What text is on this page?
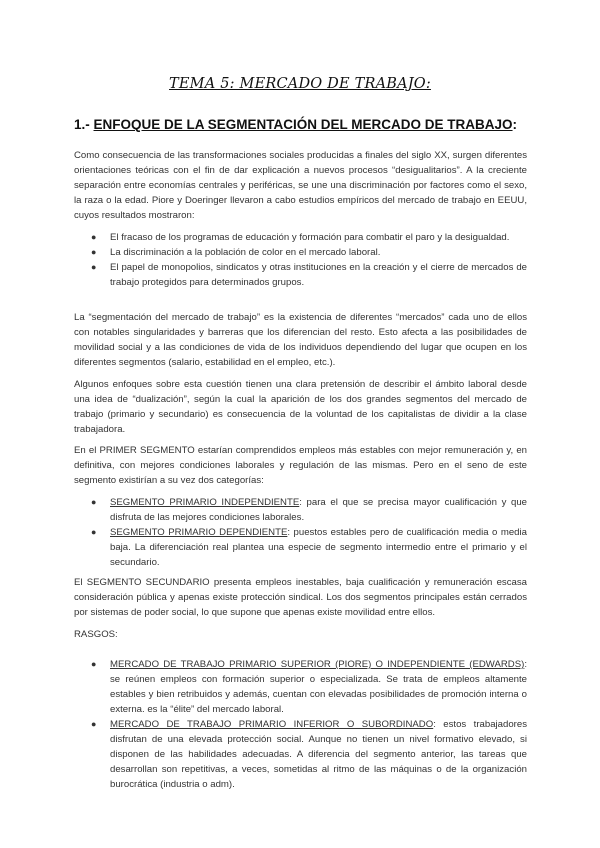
TEMA 5: MERCADO DE TRABAJO:
1.- ENFOQUE DE LA SEGMENTACIÓN DEL MERCADO DE TRABAJO:

Como consecuencia de las transformaciones sociales producidas a finales del siglo XX, surgen diferentes orientaciones teóricas con el fin de dar explicación a nuevos procesos “desigualitarios”. A la creciente separación entre economías centrales y periféricas, se une una discriminación por factores como el sexo, la raza o la edad. Piore y Doeringer llevaron a cabo estudios empíricos del mercado de trabajo en EEUU, cuyos resultados mostraron:

● El fracaso de los programas de educación y formación para combatir el paro y la desigualdad.
● La discriminación a la población de color en el mercado laboral.
● El papel de monopolios, sindicatos y otras instituciones en la creación y el cierre de mercados de trabajo protegidos para determinados grupos.

La “segmentación del mercado de trabajo” es la existencia de diferentes “mercados” cada uno de ellos con notables singularidades y barreras que los diferencian del resto. Esto afecta a las posibilidades de movilidad social y a las condiciones de vida de los individuos dependiendo del lugar que ocupen en los diferentes segmentos (salario, estabilidad en el empleo, etc.).

Algunos enfoques sobre esta cuestión tienen una clara pretensión de describir el ámbito laboral desde una idea de “dualización”, según la cual la aparición de los dos grandes segmentos del mercado de trabajo (primario y secundario) es consecuencia de la voluntad de los capitalistas de dividir a la clase trabajadora.

En el PRIMER SEGMENTO estarían comprendidos empleos más estables con mejor remuneración y, en definitiva, con mejores condiciones laborales y regulación de las mismas. Pero en el seno de este segmento existirían a su vez dos categorías:

● SEGMENTO PRIMARIO INDEPENDIENTE: para el que se precisa mayor cualificación y que disfruta de las mejores condiciones laborales.
● SEGMENTO PRIMARIO DEPENDIENTE: puestos estables pero de cualificación media o media baja. La diferenciación real plantea una especie de segmento intermedio entre el primario y el secundario.

El SEGMENTO SECUNDARIO presenta empleos inestables, baja cualificación y remuneración escasa consideración pública y apenas existe protección sindical. Los dos segmentos principales están cerrados por sistemas de poder social, lo que supone que apenas existe movilidad entre ellos.

RASGOS:

● MERCADO DE TRABAJO PRIMARIO SUPERIOR (PIORE) O INDEPENDIENTE (EDWARDS): se reúnen empleos con formación superior o especializada. Se trata de empleos altamente estables y bien retribuidos y además, cuentan con elevadas posibilidades de promoción interna o externa. es la “élite” del mercado laboral.
● MERCADO DE TRABAJO PRIMARIO INFERIOR O SUBORDINADO: estos trabajadores disfrutan de una elevada protección social. Aunque no tienen un nivel formativo elevado, si disponen de las habilidades adecuadas. A diferencia del segmento anterior, las tareas que desarrollan son repetitivas, a veces, sometidas al ritmo de las máquinas o de la organización burocrática (industria o adm).
